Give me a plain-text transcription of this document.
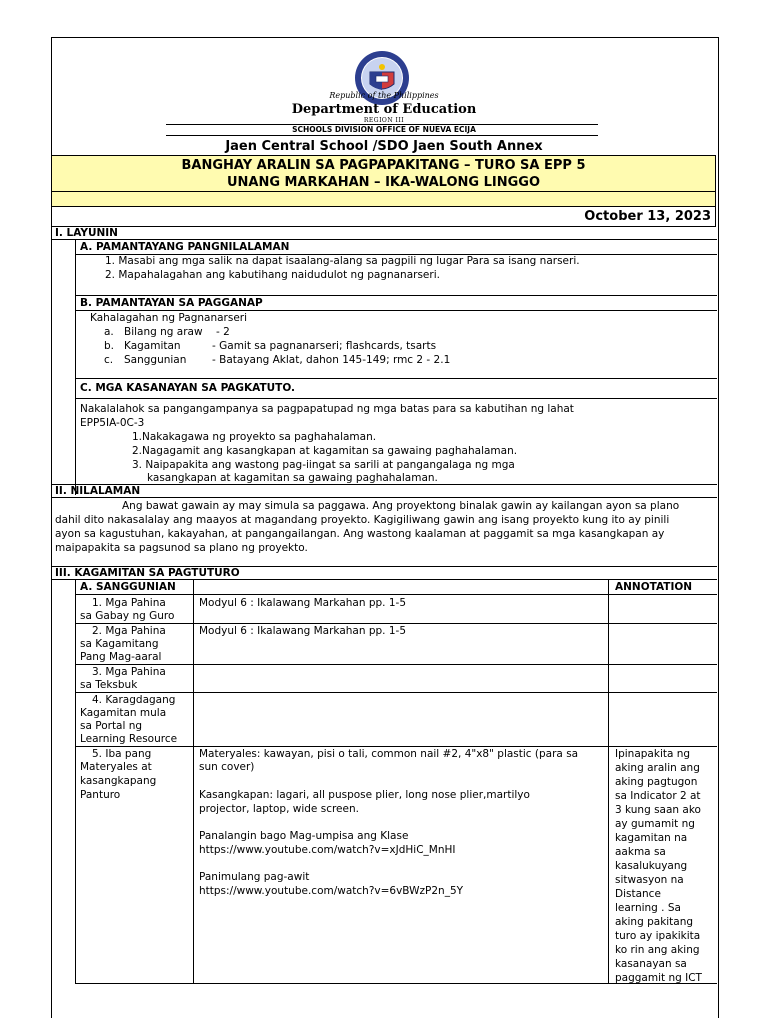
Republic of the Philippines
Department of Education
REGION III
SCHOOLS DIVISION OFFICE OF NUEVA ECIJA
Jaen Central School /SDO Jaen South Annex
BANGHAY ARALIN SA PAGPAPAKITANG – TURO SA EPP 5
UNANG MARKAHAN – IKA-WALONG LINGGO
October 13, 2023
I. LAYUNIN
A. PAMANTAYANG PANGNILALAMAN
1. Masabi ang mga salik na dapat isaalang-alang sa pagpili ng lugar Para sa isang narseri.
2. Mapahalagahan ang kabutihang naidudulot ng pagnanarseri.
B. PAMANTAYAN SA PAGGANAP
Kahalagahan ng Pagnanarseri
a. Bilang ng araw - 2
b. Kagamitan	- Gamit sa pagnanarseri; flashcards, tsarts
c. Sanggunian - Batayang Aklat, dahon 145-149; rmc 2 - 2.1
C. MGA KASANAYAN SA PAGKATUTO.
Nakalalahok sa pangangampanya sa pagpapatupad ng mga batas para sa kabutihan ng lahat
EPP5IA-0C-3
1.Nakakagawa ng proyekto sa paghahalaman.
2.Nagagamit ang kasangkapan at kagamitan sa gawaing paghahalaman.
3. Naipapakita ang wastong pag-iingat sa sarili at pangangalaga ng mga
kasangkapan at kagamitan sa gawaing paghahalaman.
II. NILALAMAN
Ang bawat gawain ay may simula sa paggawa. Ang proyektong binalak gawin ay kailangan ayon sa plano
dahil dito nakasalalay ang maayos at magandang proyekto. Kagigiliwang gawin ang isang proyekto kung ito ay pinili
ayon sa kagustuhan, kakayahan, at pangangailangan. Ang wastong kaalaman at paggamit sa mga kasangkapan ay
maipapakita sa pagsunod sa plano ng proyekto.
III. KAGAMITAN SA PAGTUTURO
A. SANGGUNIAN	ANNOTATION
1. Mga Pahina
sa Gabay ng Guro
Modyul 6 : Ikalawang Markahan pp. 1-5
2. Mga Pahina
sa Kagamitang
Pang Mag-aaral
Modyul 6 : Ikalawang Markahan pp. 1-5
3. Mga Pahina
sa Teksbuk
4. Karagdagang
Kagamitan mula
sa Portal ng
Learning Resource
5. Iba pang
Materyales at
kasangkapang
Panturo
Materyales: kawayan, pisi o tali, common nail #2, 4"x8" plastic (para sa
sun cover)
Kasangkapan: lagari, all puspose plier, long nose plier,martilyo
projector, laptop, wide screen.
Panalangin bago Mag-umpisa ang Klase
https://www.youtube.com/watch?v=xJdHiC_MnHI
Panimulang pag-awit
https://www.youtube.com/watch?v=6vBWzP2n_5Y
Ipinapakita ng
aking aralin ang
aking pagtugon
sa Indicator 2 at
3 kung saan ako
ay gumamit ng
kagamitan na
aakma sa
kasalukuyang
sitwasyon na
Distance
learning . Sa
aking pakitang
turo ay ipakikita
ko rin ang aking
kasanayan sa
paggamit ng ICT
